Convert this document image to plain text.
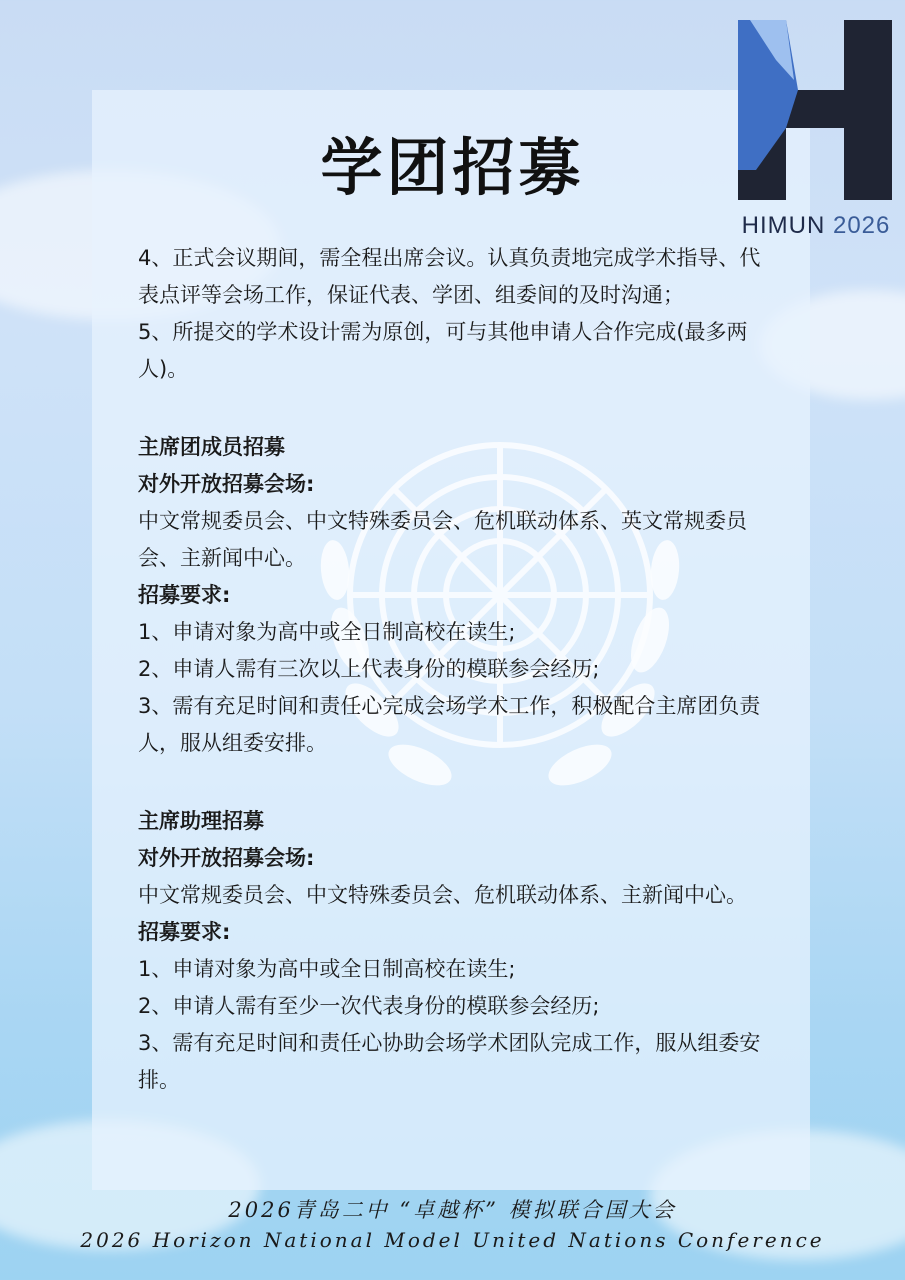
学团招募
HIMUN 2026

4、正式会议期间，需全程出席会议。认真负责地完成学术指导、代表点评等会场工作，保证代表、学团、组委间的及时沟通；

5、所提交的学术设计需为原创，可与其他申请人合作完成(最多两人)。

主席团成员招募

对外开放招募会场:

中文常规委员会、中文特殊委员会、危机联动体系、英文常规委员会、主新闻中心。

招募要求:

1、申请对象为高中或全日制高校在读生;

2、申请人需有三次以上代表身份的模联参会经历;

3、需有充足时间和责任心完成会场学术工作，积极配合主席团负责人，服从组委安排。

主席助理招募

对外开放招募会场:

中文常规委员会、中文特殊委员会、危机联动体系、主新闻中心。

招募要求:

1、申请对象为高中或全日制高校在读生;

2、申请人需有至少一次代表身份的模联参会经历;

3、需有充足时间和责任心协助会场学术团队完成工作，服从组委安排。

2026青岛二中 “卓越杯” 模拟联合国大会
2026 Horizon National Model United Nations Conference
